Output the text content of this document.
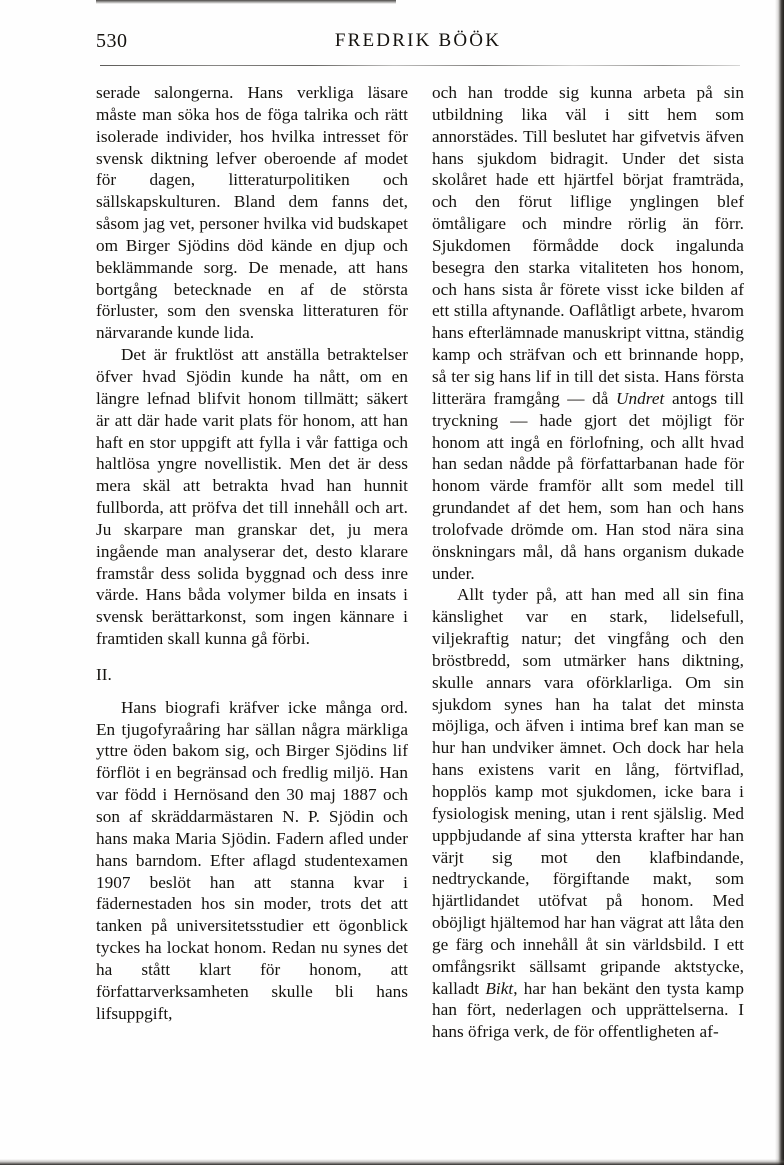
530	FREDRIK BÖÖK

serade salongerna. Hans verkliga läsare måste man söka hos de föga talrika och rätt isolerade individer, hos hvilka intresset för svensk diktning lefver oberoende af modet för dagen, litteraturpolitiken och sällskapskulturen. Bland dem fanns det, såsom jag vet, personer hvilka vid budskapet om Birger Sjödins död kände en djup och beklämmande sorg. De menade, att hans bortgång betecknade en af de största förluster, som den svenska litteraturen för närvarande kunde lida.

Det är fruktlöst att anställa betraktelser öfver hvad Sjödin kunde ha nått, om en längre lefnad blifvit honom tillmätt; säkert är att där hade varit plats för honom, att han haft en stor uppgift att fylla i vår fattiga och haltlösa yngre novellistik. Men det är dess mera skäl att betrakta hvad han hunnit fullborda, att pröfva det till innehåll och art. Ju skarpare man granskar det, ju mera ingående man analyserar det, desto klarare framstår dess solida byggnad och dess inre värde. Hans båda volymer bilda en insats i svensk berättarkonst, som ingen kännare i framtiden skall kunna gå förbi.

II.

Hans biografi kräfver icke många ord. En tjugofyraåring har sällan några märkliga yttre öden bakom sig, och Birger Sjödins lif förflöt i en begränsad och fredlig miljö. Han var född i Hernösand den 30 maj 1887 och son af skräddarmästaren N. P. Sjödin och hans maka Maria Sjödin. Fadern afled under hans barndom. Efter aflagd studentexamen 1907 beslöt han att stanna kvar i fädernestaden hos sin moder, trots det att tanken på universitetsstudier ett ögonblick tyckes ha lockat honom. Redan nu synes det ha stått klart för honom, att författarverksamheten skulle bli hans lifsuppgift,

och han trodde sig kunna arbeta på sin utbildning lika väl i sitt hem som annorstädes. Till beslutet har gifvetvis äfven hans sjukdom bidragit. Under det sista skolåret hade ett hjärtfel börjat framträda, och den förut liflige ynglingen blef ömtåligare och mindre rörlig än förr. Sjukdomen förmådde dock ingalunda besegra den starka vitaliteten hos honom, och hans sista år förete visst icke bilden af ett stilla aftynande. Oaflåtligt arbete, hvarom hans efterlämnade manuskript vittna, ständig kamp och sträfvan och ett brinnande hopp, så ter sig hans lif in till det sista. Hans första litterära framgång — då Undret antogs till tryckning — hade gjort det möjligt för honom att ingå en förlofning, och allt hvad han sedan nådde på författarbanan hade för honom värde framför allt som medel till grundandet af det hem, som han och hans trolofvade drömde om. Han stod nära sina önskningars mål, då hans organism dukade under.

Allt tyder på, att han med all sin fina känslighet var en stark, lidelsefull, viljekraftig natur; det vingfång och den bröstbredd, som utmärker hans diktning, skulle annars vara oförklarliga. Om sin sjukdom synes han ha talat det minsta möjliga, och äfven i intima bref kan man se hur han undviker ämnet. Och dock har hela hans existens varit en lång, förtviflad, hopplös kamp mot sjukdomen, icke bara i fysiologisk mening, utan i rent själslig. Med uppbjudande af sina yttersta krafter har han värjt sig mot den klafbindande, nedtryckande, förgiftande makt, som hjärtlidandet utöfvat på honom. Med oböjligt hjältemod har han vägrat att låta den ge färg och innehåll åt sin världsbild. I ett omfångsrikt sällsamt gripande aktstycke, kalladt Bikt, har han bekänt den tysta kamp han fört, nederlagen och upprättelserna. I hans öfriga verk, de för offentligheten af-
